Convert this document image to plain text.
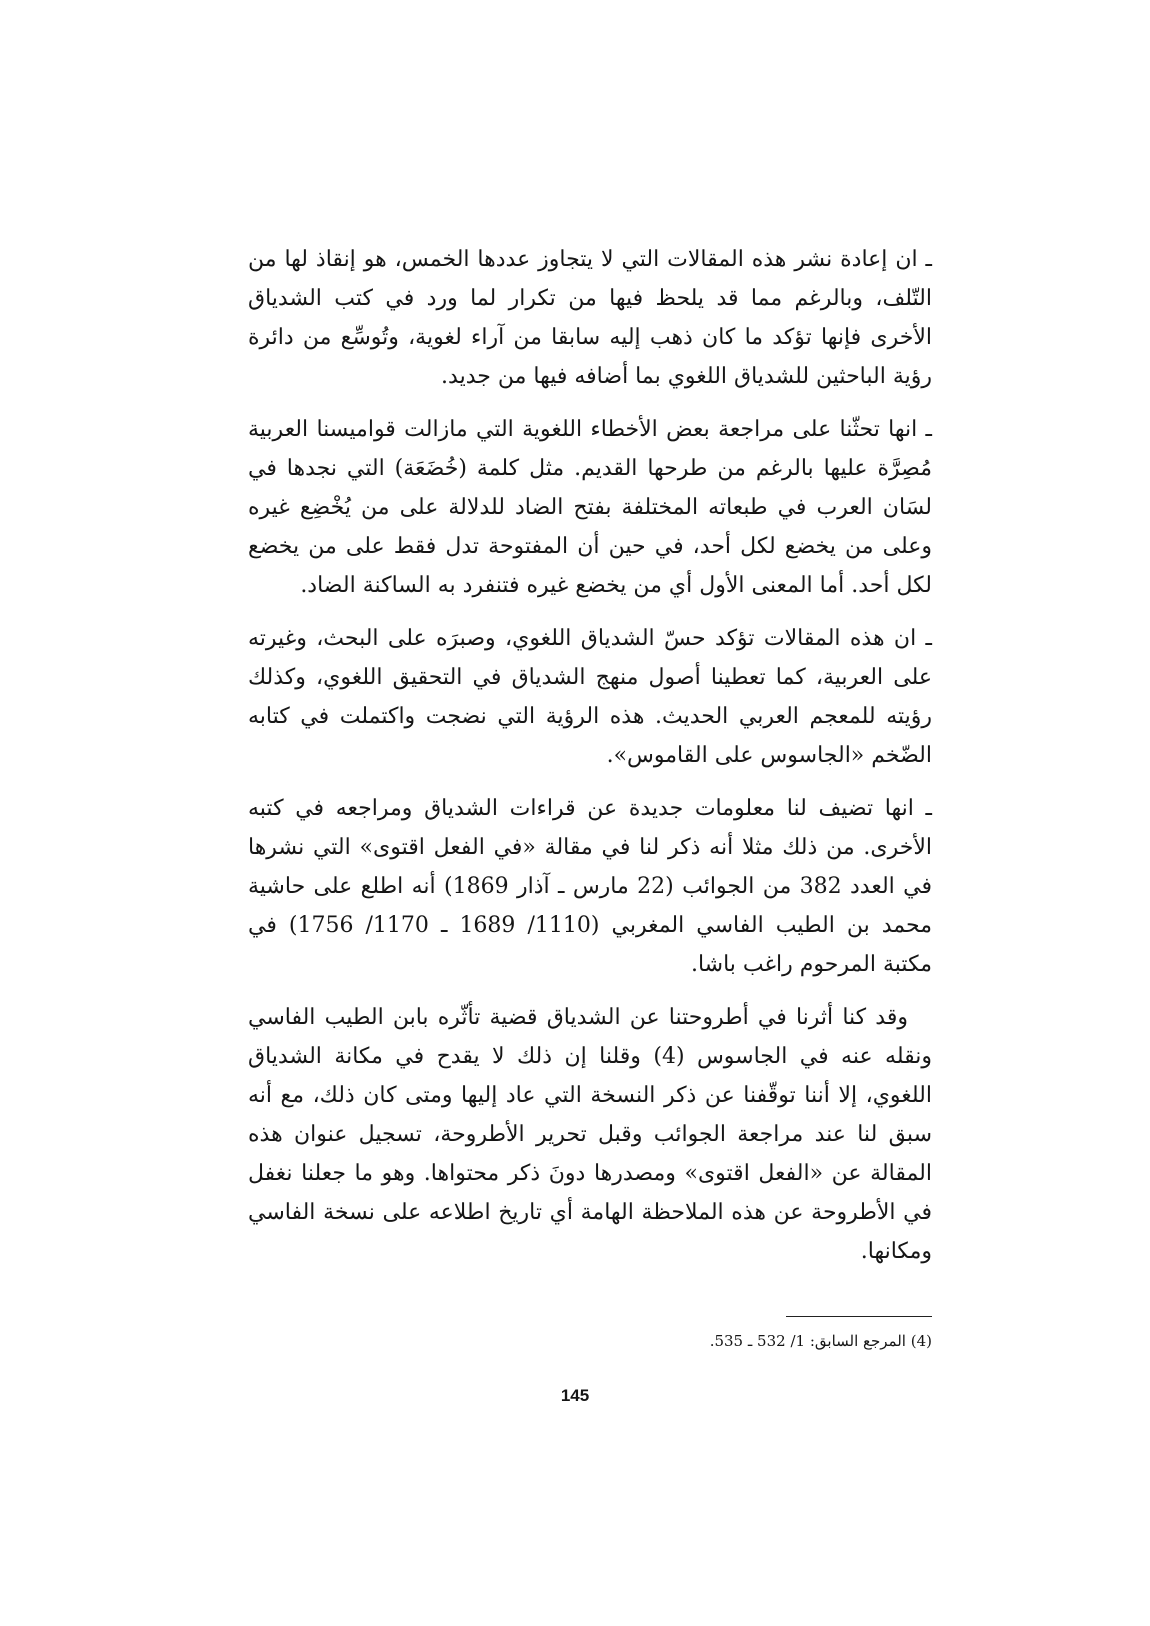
ـ ان إعادة نشر هذه المقالات التي لا يتجاوز عددها الخمس، هو إنقاذ لها من التّلف، وبالرغم مما قد يلحظ فيها من تكرار لما ورد في كتب الشدياق الأخرى فإنها تؤكد ما كان ذهب إليه سابقا من آراء لغوية، وتُوسِّع من دائرة رؤية الباحثين للشدياق اللغوي بما أضافه فيها من جديد.

ـ انها تحثّنا على مراجعة بعض الأخطاء اللغوية التي مازالت قواميسنا العربية مُصِرَّة عليها بالرغم من طرحها القديم. مثل كلمة (خُضَعَة) التي نجدها في لسَان العرب في طبعاته المختلفة بفتح الضاد للدلالة على من يُخْضِع غيره وعلى من يخضع لكل أحد، في حين أن المفتوحة تدل فقط على من يخضع لكل أحد. أما المعنى الأول أي من يخضع غيره فتنفرد به الساكنة الضاد.

ـ ان هذه المقالات تؤكد حسّ الشدياق اللغوي، وصبرَه على البحث، وغيرته على العربية، كما تعطينا أصول منهج الشدياق في التحقيق اللغوي، وكذلك رؤيته للمعجم العربي الحديث. هذه الرؤية التي نضجت واكتملت في كتابه الضّخم «الجاسوس على القاموس».

ـ انها تضيف لنا معلومات جديدة عن قراءات الشدياق ومراجعه في كتبه الأخرى. من ذلك مثلا أنه ذكر لنا في مقالة «في الفعل اقتوى» التي نشرها في العدد 382 من الجوائب (22 مارس ـ آذار 1869) أنه اطلع على حاشية محمد بن الطيب الفاسي المغربي (1110/ 1689 ـ 1170/ 1756) في مكتبة المرحوم راغب باشا.

وقد كنا أثرنا في أطروحتنا عن الشدياق قضية تأثّره بابن الطيب الفاسي ونقله عنه في الجاسوس (4) وقلنا إن ذلك لا يقدح في مكانة الشدياق اللغوي، إلا أننا توقّفنا عن ذكر النسخة التي عاد إليها ومتى كان ذلك، مع أنه سبق لنا عند مراجعة الجوائب وقبل تحرير الأطروحة، تسجيل عنوان هذه المقالة عن «الفعل اقتوى» ومصدرها دونَ ذكر محتواها. وهو ما جعلنا نغفل في الأطروحة عن هذه الملاحظة الهامة أي تاريخ اطلاعه على نسخة الفاسي ومكانها.

(4) المرجع السابق: 1/ 532 ـ 535.
145
